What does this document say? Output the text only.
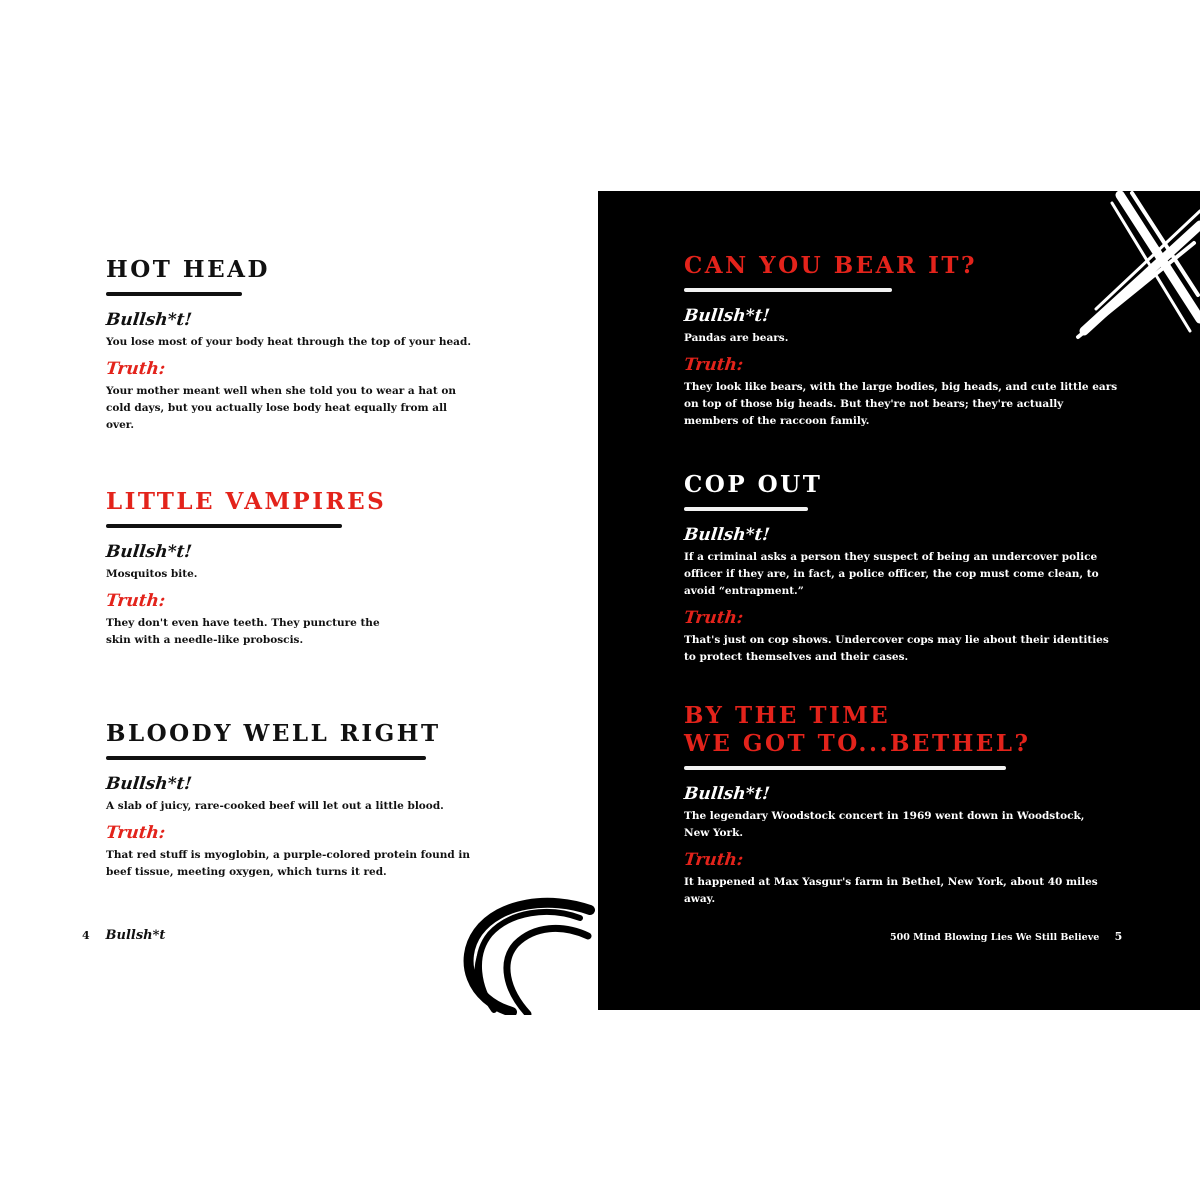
HOT HEAD
Bullsh*t!
You lose most of your body heat through the top of your head.
Truth:
Your mother meant well when she told you to wear a hat on cold days, but you actually lose body heat equally from all over.
LITTLE VAMPIRES
Bullsh*t!
Mosquitos bite.
Truth:
They don't even have teeth. They puncture the skin with a needle-like proboscis.
BLOODY WELL RIGHT
Bullsh*t!
A slab of juicy, rare-cooked beef will let out a little blood.
Truth:
That red stuff is myoglobin, a purple-colored protein found in beef tissue, meeting oxygen, which turns it red.
4 Bullsh*t
CAN YOU BEAR IT?
Bullsh*t!
Pandas are bears.
Truth:
They look like bears, with the large bodies, big heads, and cute little ears on top of those big heads. But they're not bears; they're actually members of the raccoon family.
COP OUT
Bullsh*t!
If a criminal asks a person they suspect of being an undercover police officer if they are, in fact, a police officer, the cop must come clean, to avoid “entrapment.”
Truth:
That's just on cop shows. Undercover cops may lie about their identities to protect themselves and their cases.
BY THE TIME
WE GOT TO...BETHEL?
Bullsh*t!
The legendary Woodstock concert in 1969 went down in Woodstock, New York.
Truth:
It happened at Max Yasgur's farm in Bethel, New York, about 40 miles away.
500 Mind Blowing Lies We Still Believe 5
